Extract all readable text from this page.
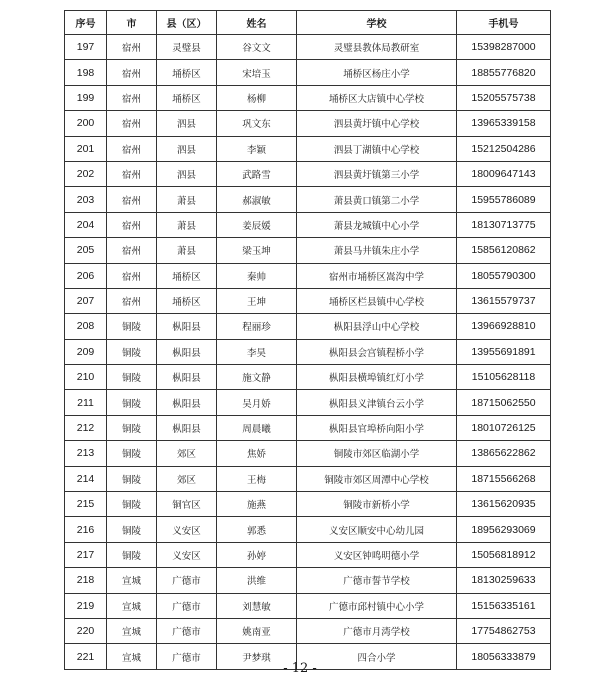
序号	市	县（区）	姓名	学校	手机号
197	宿州	灵璧县	谷文文	灵璧县教体局教研室	15398287000
198	宿州	埇桥区	宋培玉	埇桥区杨庄小学	18855776820
199	宿州	埇桥区	杨柳	埇桥区大店镇中心学校	15205575738
200	宿州	泗县	巩文东	泗县黄圩镇中心学校	13965339158
201	宿州	泗县	李颖	泗县丁湖镇中心学校	15212504286
202	宿州	泗县	武路雪	泗县黄圩镇第三小学	18009647143
203	宿州	萧县	郝淑敏	萧县黄口镇第二小学	15955786089
204	宿州	萧县	姜辰媛	萧县龙城镇中心小学	18130713775
205	宿州	萧县	梁玉坤	萧县马井镇朱庄小学	15856120862
206	宿州	埇桥区	秦帅	宿州市埇桥区嵩沟中学	18055790300
207	宿州	埇桥区	王坤	埇桥区栏县镇中心学校	13615579737
208	铜陵	枞阳县	程丽珍	枞阳县浮山中心学校	13966928810
209	铜陵	枞阳县	李昊	枞阳县会宫镇程桥小学	13955691891
210	铜陵	枞阳县	施文静	枞阳县横埠镇红灯小学	15105628118
211	铜陵	枞阳县	吴月娇	枞阳县义津镇台云小学	18715062550
212	铜陵	枞阳县	周晨曦	枞阳县官埠桥向阳小学	18010726125
213	铜陵	郊区	焦娇	铜陵市郊区临湖小学	13865622862
214	铜陵	郊区	王梅	铜陵市郊区周潭中心学校	18715566268
215	铜陵	铜官区	施燕	铜陵市新桥小学	13615620935
216	铜陵	义安区	郭悉	义安区顺安中心幼儿园	18956293069
217	铜陵	义安区	孙婷	义安区钟鸣明德小学	15056818912
218	宣城	广德市	洪维	广德市誓节学校	18130259633
219	宣城	广德市	刘慧敏	广德市邱村镇中心小学	15156335161
220	宣城	广德市	姚南亚	广德市月湾学校	17754862753
221	宣城	广德市	尹梦琪	四合小学	18056333879
- 12 -
